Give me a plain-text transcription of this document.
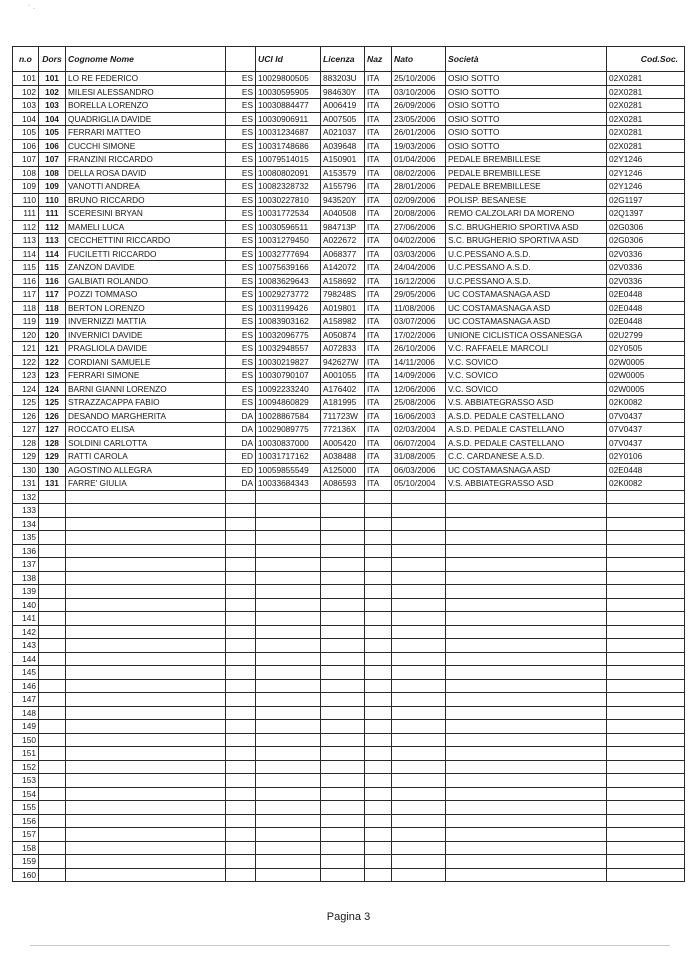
´ ·
n.o	Dors	Cognome Nome		UCI Id	Licenza	Naz	Nato	Società	Cod.Soc.
101	101	LO RE FEDERICO	ES	10029800505	883203U	ITA	25/10/2006	OSIO SOTTO	02X0281
102	102	MILESI ALESSANDRO	ES	10030595905	984630Y	ITA	03/10/2006	OSIO SOTTO	02X0281
103	103	BORELLA LORENZO	ES	10030884477	A006419	ITA	26/09/2006	OSIO SOTTO	02X0281
104	104	QUADRIGLIA DAVIDE	ES	10030906911	A007505	ITA	23/05/2006	OSIO SOTTO	02X0281
105	105	FERRARI MATTEO	ES	10031234687	A021037	ITA	26/01/2006	OSIO SOTTO	02X0281
106	106	CUCCHI SIMONE	ES	10031748686	A039648	ITA	19/03/2006	OSIO SOTTO	02X0281
107	107	FRANZINI RICCARDO	ES	10079514015	A150901	ITA	01/04/2006	PEDALE BREMBILLESE	02Y1246
108	108	DELLA ROSA DAVID	ES	10080802091	A153579	ITA	08/02/2006	PEDALE BREMBILLESE	02Y1246
109	109	VANOTTI ANDREA	ES	10082328732	A155796	ITA	28/01/2006	PEDALE BREMBILLESE	02Y1246
110	110	BRUNO RICCARDO	ES	10030227810	943520Y	ITA	02/09/2006	POLISP. BESANESE	02G1197
111	111	SCERESINI BRYAN	ES	10031772534	A040508	ITA	20/08/2006	REMO CALZOLARI DA MORENO	02Q1397
112	112	MAMELI LUCA	ES	10030596511	984713P	ITA	27/06/2006	S.C. BRUGHERIO SPORTIVA ASD	02G0306
113	113	CECCHETTINI RICCARDO	ES	10031279450	A022672	ITA	04/02/2006	S.C. BRUGHERIO SPORTIVA ASD	02G0306
114	114	FUCILETTI RICCARDO	ES	10032777694	A068377	ITA	03/03/2006	U.C.PESSANO A.S.D.	02V0336
115	115	ZANZON DAVIDE	ES	10075639166	A142072	ITA	24/04/2006	U.C.PESSANO A.S.D.	02V0336
116	116	GALBIATI ROLANDO	ES	10083629643	A158692	ITA	16/12/2006	U.C.PESSANO A.S.D.	02V0336
117	117	POZZI TOMMASO	ES	10029273772	798248S	ITA	29/05/2006	UC COSTAMASNAGA ASD	02E0448
118	118	BERTON LORENZO	ES	10031199426	A019801	ITA	11/08/2006	UC COSTAMASNAGA ASD	02E0448
119	119	INVERNIZZI MATTIA	ES	10083903162	A158982	ITA	03/07/2006	UC COSTAMASNAGA ASD	02E0448
120	120	INVERNICI DAVIDE	ES	10032096775	A050874	ITA	17/02/2006	UNIONE CICLISTICA OSSANESGA	02U2799
121	121	PRAGLIOLA DAVIDE	ES	10032948557	A072833	ITA	26/10/2006	V.C. RAFFAELE MARCOLI	02Y0505
122	122	CORDIANI SAMUELE	ES	10030219827	942627W	ITA	14/11/2006	V.C. SOVICO	02W0005
123	123	FERRARI SIMONE	ES	10030790107	A001055	ITA	14/09/2006	V.C. SOVICO	02W0005
124	124	BARNI GIANNI LORENZO	ES	10092233240	A176402	ITA	12/06/2006	V.C. SOVICO	02W0005
125	125	STRAZZACAPPA FABIO	ES	10094860829	A181995	ITA	25/08/2006	V.S. ABBIATEGRASSO ASD	02K0082
126	126	DESANDO MARGHERITA	DA	10028867584	711723W	ITA	16/06/2003	A.S.D. PEDALE CASTELLANO	07V0437
127	127	ROCCATO ELISA	DA	10029089775	772136X	ITA	02/03/2004	A.S.D. PEDALE CASTELLANO	07V0437
128	128	SOLDINI CARLOTTA	DA	10030837000	A005420	ITA	06/07/2004	A.S.D. PEDALE CASTELLANO	07V0437
129	129	RATTI CAROLA	ED	10031717162	A038488	ITA	31/08/2005	C.C. CARDANESE A.S.D.	02Y0106
130	130	AGOSTINO ALLEGRA	ED	10059855549	A125000	ITA	06/03/2006	UC COSTAMASNAGA ASD	02E0448
131	131	FARRE' GIULIA	DA	10033684343	A086593	ITA	05/10/2004	V.S. ABBIATEGRASSO ASD	02K0082
132									
133									
134									
135									
136									
137									
138									
139									
140									
141									
142									
143									
144									
145									
146									
147									
148									
149									
150									
151									
152									
153									
154									
155									
156									
157									
158									
159									
160									
Pagina 3
